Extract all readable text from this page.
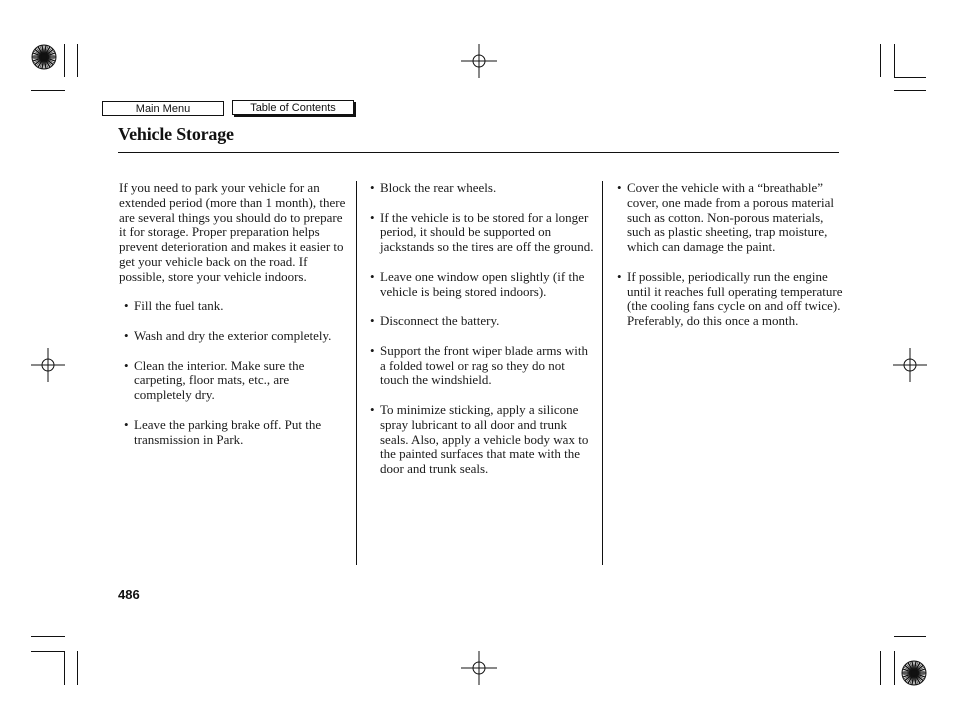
Main Menu	Table of Contents
Vehicle Storage

If you need to park your vehicle for an extended period (more than 1 month), there are several things you should do to prepare it for storage. Proper preparation helps prevent deterioration and makes it easier to get your vehicle back on the road. If possible, store your vehicle indoors.

• Fill the fuel tank.

• Wash and dry the exterior completely.

• Clean the interior. Make sure the carpeting, floor mats, etc., are completely dry.

• Leave the parking brake off. Put the transmission in Park.

• Block the rear wheels.

• If the vehicle is to be stored for a longer period, it should be supported on jackstands so the tires are off the ground.

• Leave one window open slightly (if the vehicle is being stored indoors).

• Disconnect the battery.

• Support the front wiper blade arms with a folded towel or rag so they do not touch the windshield.

• To minimize sticking, apply a silicone spray lubricant to all door and trunk seals. Also, apply a vehicle body wax to the painted surfaces that mate with the door and trunk seals.

• Cover the vehicle with a “breathable” cover, one made from a porous material such as cotton. Non-porous materials, such as plastic sheeting, trap moisture, which can damage the paint.

• If possible, periodically run the engine until it reaches full operating temperature (the cooling fans cycle on and off twice). Preferably, do this once a month.

486
